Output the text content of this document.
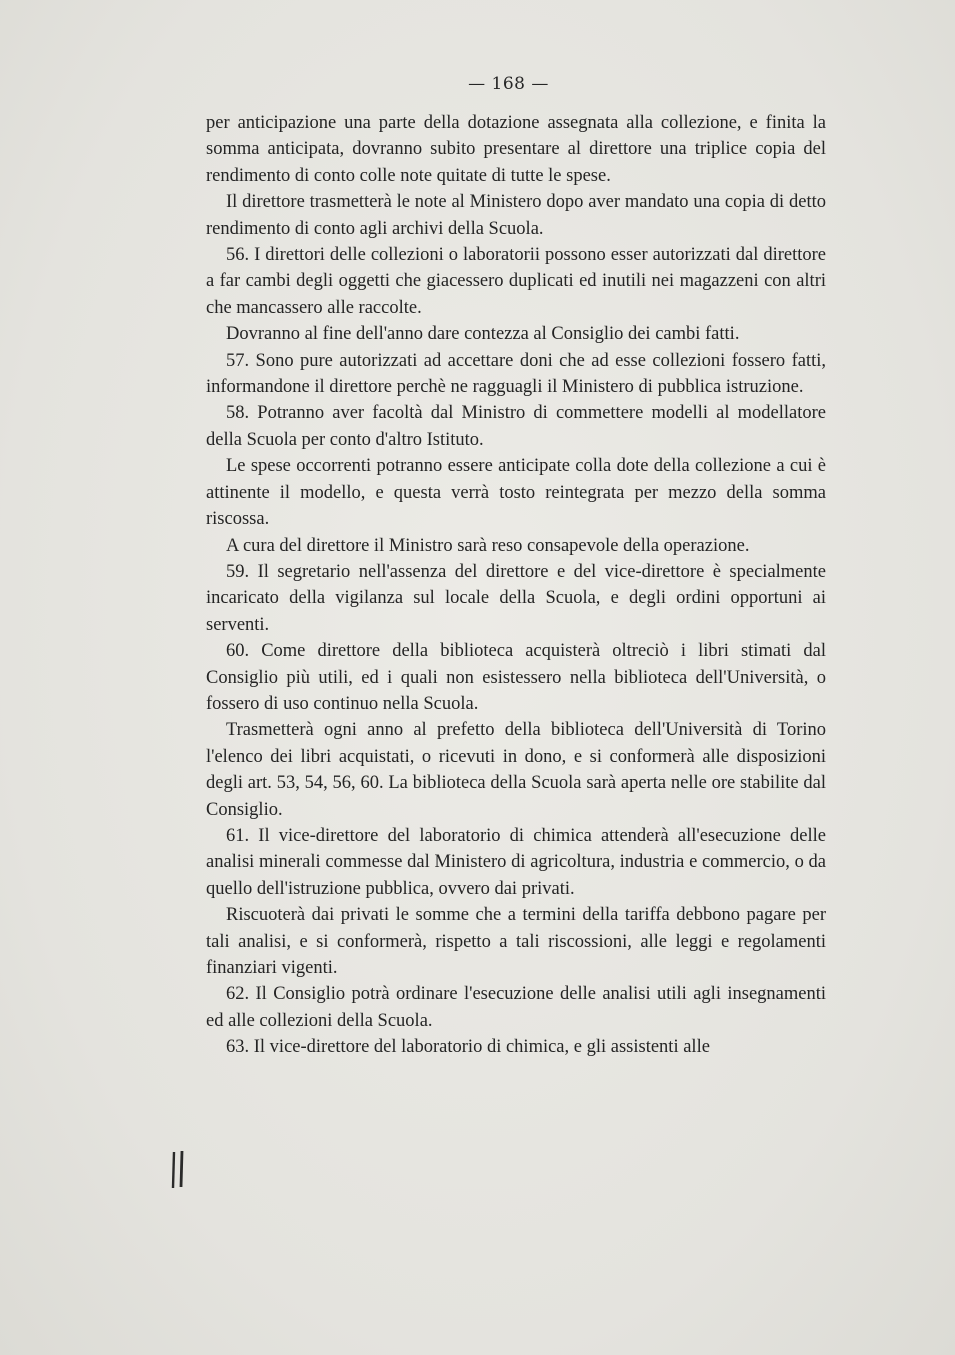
— 168 —

per anticipazione una parte della dotazione assegnata alla collezione, e finita la somma anticipata, dovranno subito presentare al direttore una triplice copia del rendimento di conto colle note quitate di tutte le spese.

Il direttore trasmetterà le note al Ministero dopo aver mandato una copia di detto rendimento di conto agli archivi della Scuola.

56. I direttori delle collezioni o laboratorii possono esser autorizzati dal direttore a far cambi degli oggetti che giacessero duplicati ed inutili nei magazzeni con altri che mancassero alle raccolte.

Dovranno al fine dell'anno dare contezza al Consiglio dei cambi fatti.

57. Sono pure autorizzati ad accettare doni che ad esse collezioni fossero fatti, informandone il direttore perchè ne ragguagli il Ministero di pubblica istruzione.

58. Potranno aver facoltà dal Ministro di commettere modelli al modellatore della Scuola per conto d'altro Istituto.

Le spese occorrenti potranno essere anticipate colla dote della collezione a cui è attinente il modello, e questa verrà tosto reintegrata per mezzo della somma riscossa.

A cura del direttore il Ministro sarà reso consapevole della operazione.

59. Il segretario nell'assenza del direttore e del vice-direttore è specialmente incaricato della vigilanza sul locale della Scuola, e degli ordini opportuni ai serventi.

60. Come direttore della biblioteca acquisterà oltreciò i libri stimati dal Consiglio più utili, ed i quali non esistessero nella biblioteca dell'Università, o fossero di uso continuo nella Scuola.

Trasmetterà ogni anno al prefetto della biblioteca dell'Università di Torino l'elenco dei libri acquistati, o ricevuti in dono, e si conformerà alle disposizioni degli art. 53, 54, 56, 60. La biblioteca della Scuola sarà aperta nelle ore stabilite dal Consiglio.

61. Il vice-direttore del laboratorio di chimica attenderà all'esecuzione delle analisi minerali commesse dal Ministero di agricoltura, industria e commercio, o da quello dell'istruzione pubblica, ovvero dai privati.

Riscuoterà dai privati le somme che a termini della tariffa debbono pagare per tali analisi, e si conformerà, rispetto a tali riscossioni, alle leggi e regolamenti finanziari vigenti.

62. Il Consiglio potrà ordinare l'esecuzione delle analisi utili agli insegnamenti ed alle collezioni della Scuola.

63. Il vice-direttore del laboratorio di chimica, e gli assistenti alle
